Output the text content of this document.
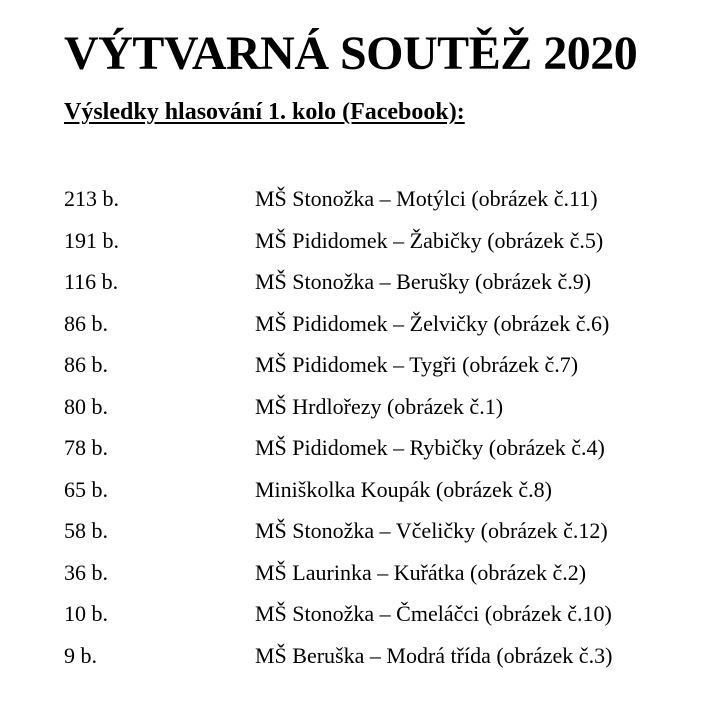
VÝTVARNÁ SOUTĚŽ 2020
Výsledky hlasování 1. kolo (Facebook):
213 b.	MŠ Stonožka – Motýlci (obrázek č.11)
191 b.	MŠ Pididomek – Žabičky (obrázek č.5)
116 b.	MŠ Stonožka – Berušky (obrázek č.9)
86 b.	MŠ Pididomek – Želvičky (obrázek č.6)
86 b.	MŠ Pididomek – Tygři (obrázek č.7)
80 b.	MŠ Hrdlořezy (obrázek č.1)
78 b.	MŠ Pididomek – Rybičky (obrázek č.4)
65 b.	Miniškolka Koupák (obrázek č.8)
58 b.	MŠ Stonožka – Včeličky (obrázek č.12)
36 b.	MŠ Laurinka – Kuřátka (obrázek č.2)
10 b.	MŠ Stonožka – Čmeláčci (obrázek č.10)
9 b.	MŠ Beruška – Modrá třída (obrázek č.3)
